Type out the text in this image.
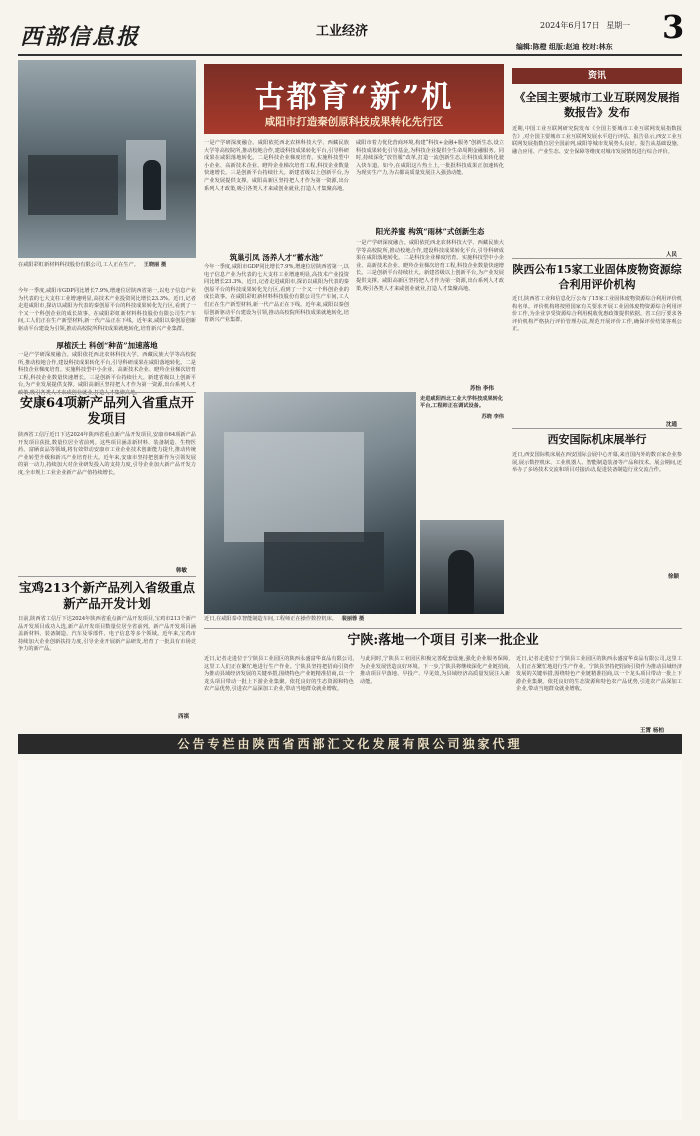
西部信息报	工业经济	2024年6月17日 星期一 3
编辑:陈橙 组版:赵迪 校对:林东
在咸阳彩虹新材料科技股份有限公司,工人正在生产。 王晓丽 摄
今年一季度,咸阳市GDP同比增长7.9%,增速位居陕西省第一,以电子信息产业为代表的七大支柱工业增速明显,高技术产业投资同比增长23.3%。近日,记者走进咸阳市,探访以咸阳为代表的秦创原平台的科技成果转化先行区,看到了一个又一个科创企业的成长故事。在咸阳彩虹新材料科技股份有限公司生产车间,工人们正在生产新型材料,新一代产品正在下线。近年来,咸阳以秦创原创新驱动平台建设为引领,推动高校院所科技成果就地转化,培育新兴产业集群。
厚植沃土 科创“种苗”加速落地
一是产学研深度融合。咸阳依托西北农林科技大学、西藏民族大学等高校院所,推动校地合作,建设科技成果转化平台,引导科研成果在咸阳落地转化。二是科技企业梯度培育。实施科技型中小企业、高新技术企业、瞪羚企业梯次培育工程,科技企业数量快速增长。三是创新平台持续壮大。新建省级以上创新平台,为产业发展提供支撑。咸阳高新区坚持把人才作为第一资源,出台系列人才
安康64项新产品列入省重点开发项目
陕西省工信厅近日下达2024年陕西省重点新产品开发项目,安康市64项新产品开发项目获批,数量位居全省前列。这些项目涵盖新材料、装备制造、生物医药、富硒食品等领域,将有效带动安康市工业企业技术创新能力提升,推动传统产业转型升级和新兴产业培育壮大。近年来,安康市坚持把创新作为引领发展的第一动力,持续加大对企业研发投入的支持力度,引导企业加大新产品开发力度,全市规上工业企业新产品产值持续增长。
韩敏
宝鸡213个新产品列入省级重点新产品开发计划
日前,陕西省工信厅下达2024年陕西省重点新产品开发项目,宝鸡市213个新产品开发项目成功入选,新产品开发项目数量位居全省前列。新产品开发项目涵盖新材料、装备制造、汽车及零部件、电子信息等多个领域。近年来,宝鸡市持续加大企业创新扶持力度,引导企业开展新产品研发,培育了一批具有市场竞争力的新产品。
西祺
古都育“新”机
咸阳市打造秦创原科技成果转化先行区
一是产学研深度融合。咸阳依托西北农林科技大学、西藏民族大学等高校院所,推动校地合作,建设科技成果转化平台,引导科研成果在咸阳落地转化。二是科技企业梯度培育。实施科技型中小企业、高新技术企业、瞪羚企业梯次培育工程,科技企业数量快速增长。三是创新平台持续壮大。新建省级以上创新平台,为产业发展提供支撑。咸阳高新区坚持把人才作为第一资源,出台系列人才政策,吸引各类人才来咸创业就业,打造人才集聚高地。
筑巢引凤 汤养人才“蓄水池”
今年一季度,咸阳市GDP同比增长7.9%,增速位居陕西省第一,以电子信息产业为代表的七大支柱工业增速明显,高技术产业投资同比增长23.3%。近日,记者走进咸阳市,探访以咸阳为代表的秦创原平台的科技成果转化先行区,看到了一个又一个科创企业的成长故事。在咸阳彩虹新材料科技股份有限公司生产车间,工人们正在生产新型材料,新一代产品正在下线。近年来,咸阳以秦创原创新驱动平台建设为引领,推动高校院所科技成果就地转化,培育新兴产业集群。
咸阳市着力优化营商环境,构建“科技+金融+服务”创新生态,设立科技成果转化引导基金,为科技企业提供全生命周期金融服务。同时,持续深化“放管服”改革,打造一流创新生态,让科技成果转化驶入快车道。如今,在咸阳这片热土上,一批批科技成果正加速转化为现实生产力,为古都高质量发展注入强劲动能。
阳光养蜜 构筑“雨林”式创新生态
一是产学研深度融合。咸阳依托西北农林科技大学、西藏民族大学等高校院所,推动校地合作,建设科技成果转化平台,引导科研成果在咸阳落地转化。二是科技企业梯度培育。实施科技型中小企业、高新技术企业、瞪羚企业梯次培育工程,科技企业数量快速增长。三是创新平台持续壮大。新建省级以上创新平台,为产业发展提供支撑。咸阳高新区坚持把人才作为第一资源,出台系列人才政策,吸引各类人才来咸创业就业,打造人才集聚高地。
苏怡 李伟
走进咸阳西北工业大学科技成果转化平台,工程师正在调试设备。
苏晓 李伟
近日,在咸阳泰卓智能制造车间,工程师正在操作数控机床。 裴丽蓉 摄
资讯
《全国主要城市工业互联网发展指数报告》发布
近期,中国工业互联网研究院发布《全国主要城市工业互联网发展指数报告》,对全国主要城市工业互联网发展水平进行评估。报告显示,西安工业互联网发展指数位居全国前列,咸阳等城市发展势头良好。报告从基础设施、融合应用、产业生态、安全保障等维度对城市发展情况进行综合评价。
人民
陕西公布15家工业固体废物资源综合利用评价机构
近日,陕西省工业和信息化厅公布了15家工业固体废物资源综合利用评价机构名单。评价机构将按照国家有关要求开展工业固体废物资源综合利用评价工作,为企业享受资源综合利用税收优惠政策提供依据。省工信厅要求各评价机构严格执行评价管理办法,规范开展评价工作,确保评价结果客观公正。
沈通
西安国际机床展举行
近日,西安国际机床展在西安国际会展中心开幕,来自国内外的数百家企业参展,展示数控机床、工业机器人、智能制造装备等产品和技术。展会期间,还举办了多场技术交流和项目对接活动,促进装备制造行业交流合作。
徐颖
宁陕:落地一个项目 引来一批企业
近日,记者走进位于宁陕县工业园区的陕西永盛富华食品有限公司,这里工人们正在繁忙地进行生产作业。宁陕县坚持把招商引资作为推动县域经济发展的关键举措,围绕特色产业链精准招商,以一个龙头项目带动一批上下游企业集聚。依托良好的生态资源和特色农产品优势,引进农产品深加工企业,带动当地群众就业增收。
与此同时,宁陕县工业园区积极完善配套设施,强化企业服务保障,为企业发展营造良好环境。下一步,宁陕县将继续深化产业链招商,推动项目早落地、早投产、早见效,为县域经济高质量发展注入新动能。
近日,记者走进位于宁陕县工业园区的陕西永盛富华食品有限公司,这里工人们正在繁忙地进行生产作业。宁陕县坚持把招商引资作为推动县域经济发展的关键举措,围绕特色产业链精准招商,以一个龙头项目带动一批上下游企业集聚。依托良好的生态资源和特色农产品优势,引进农产品深加工企业,带动当地群众就业增收。
王霄 杨柏
公告专栏由陕西省西部汇文化发展有限公司独家代理
